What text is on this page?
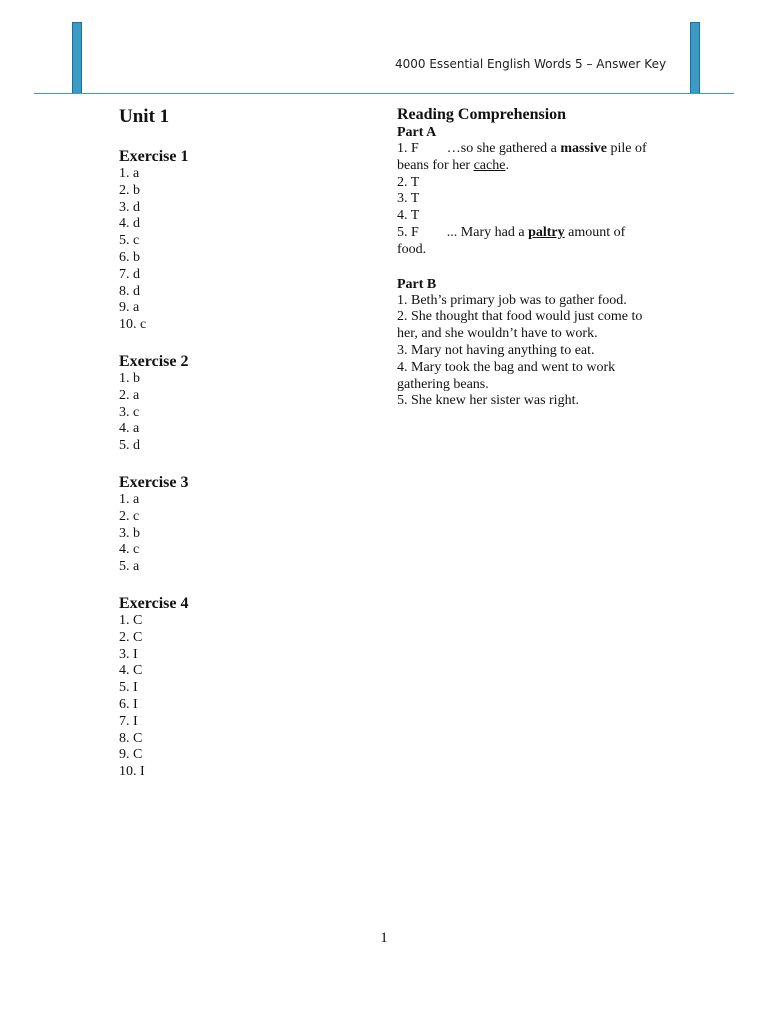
4000 Essential English Words 5 – Answer Key
Unit 1
Exercise 1
1. a
2. b
3. d
4. d
5. c
6. b
7. d
8. d
9. a
10. c
Exercise 2
1. b
2. a
3. c
4. a
5. d
Exercise 3
1. a
2. c
3. b
4. c
5. a
Exercise 4
1. C
2. C
3. I
4. C
5. I
6. I
7. I
8. C
9. C
10. I
Reading Comprehension
Part A
1. F …so she gathered a massive pile of beans for her cache.
2. T
3. T
4. T
5. F ... Mary had a paltry amount of food.
Part B
1. Beth’s primary job was to gather food.
2. She thought that food would just come to her, and she wouldn’t have to work.
3. Mary not having anything to eat.
4. Mary took the bag and went to work gathering beans.
5. She knew her sister was right.
1
